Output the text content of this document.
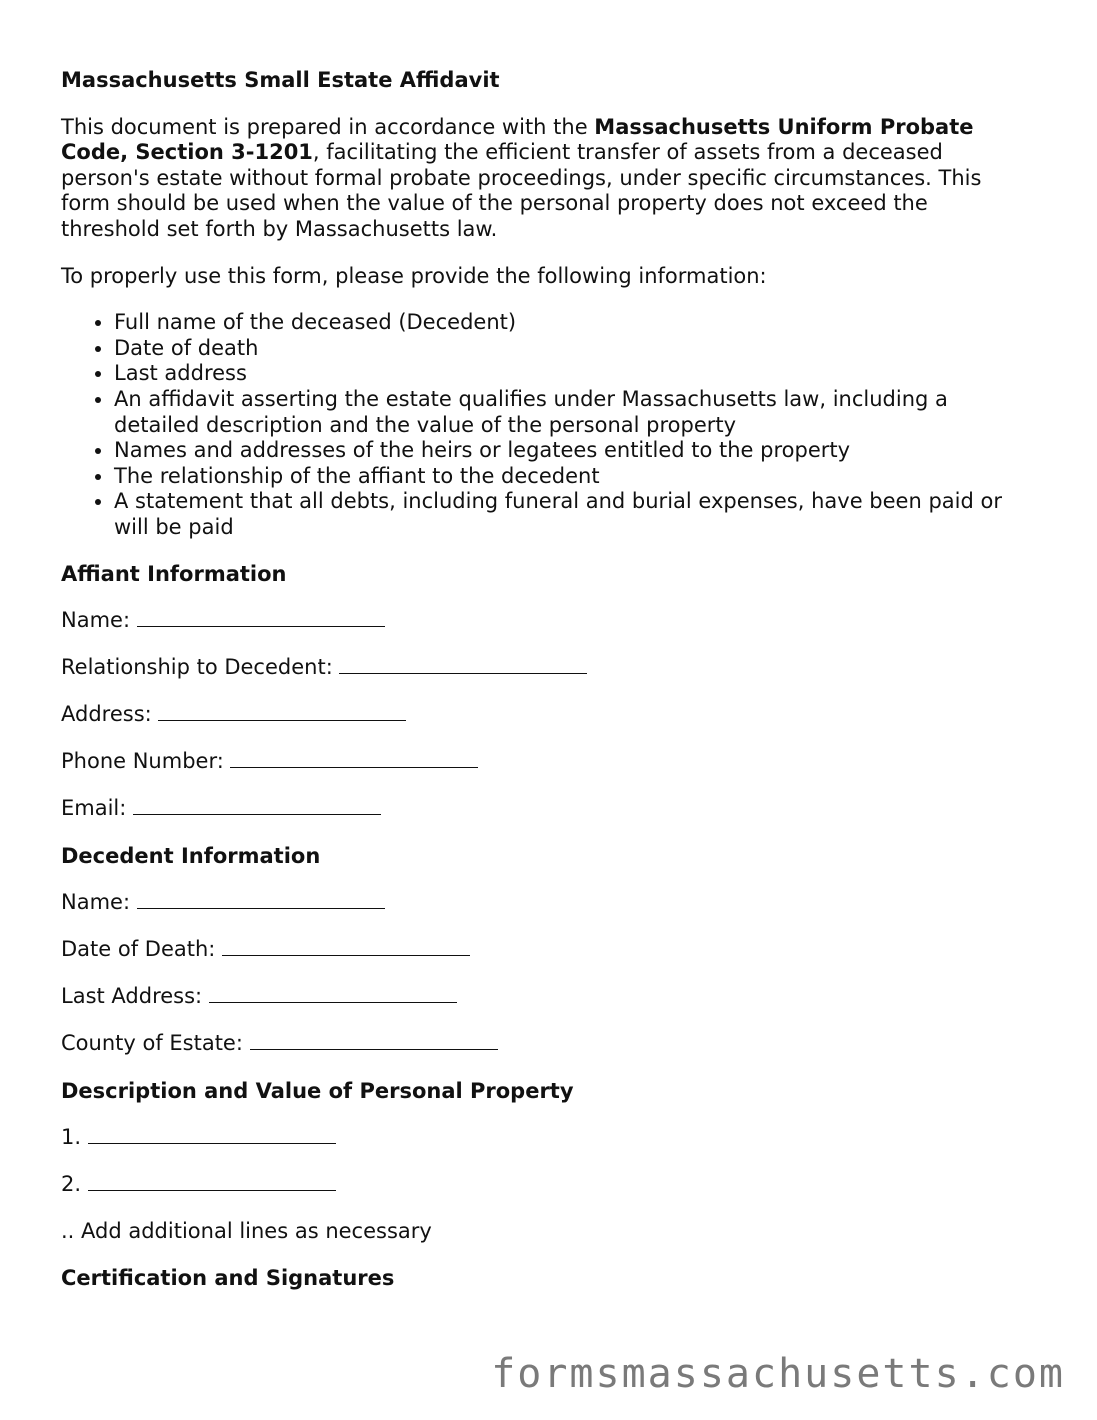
Massachusetts Small Estate Affidavit

This document is prepared in accordance with the Massachusetts Uniform Probate Code, Section 3-1201, facilitating the efficient transfer of assets from a deceased person's estate without formal probate proceedings, under specific circumstances. This form should be used when the value of the personal property does not exceed the threshold set forth by Massachusetts law.

To properly use this form, please provide the following information:

• Full name of the deceased (Decedent)
• Date of death
• Last address
• An affidavit asserting the estate qualifies under Massachusetts law, including a detailed description and the value of the personal property
• Names and addresses of the heirs or legatees entitled to the property
• The relationship of the affiant to the decedent
• A statement that all debts, including funeral and burial expenses, have been paid or will be paid
Affiant Information
Name:
Relationship to Decedent:
Address:
Phone Number:
Email:
Decedent Information
Name:
Date of Death:
Last Address:
County of Estate:
Description and Value of Personal Property
1.
2.

.. Add additional lines as necessary

Certification and Signatures
formsmassachusetts.com
